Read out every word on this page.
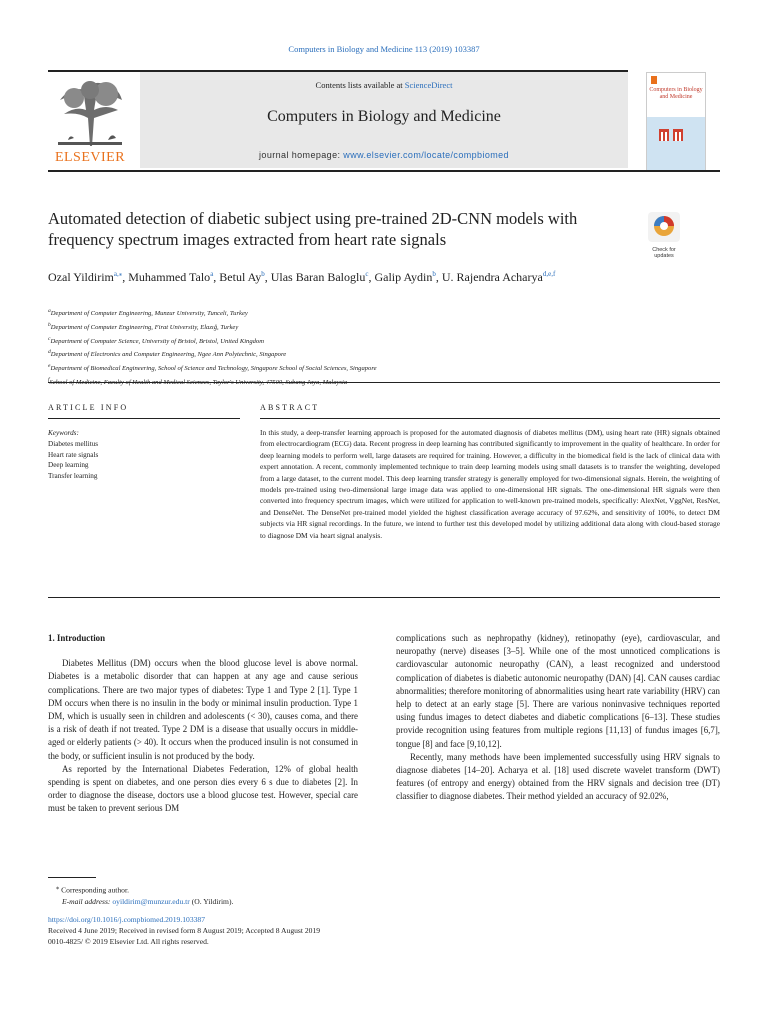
Computers in Biology and Medicine 113 (2019) 103387
ELSEVIER
Contents lists available at ScienceDirect
Computers in Biology and Medicine
journal homepage: www.elsevier.com/locate/compbiomed
Computers in Biology and Medicine
Automated detection of diabetic subject using pre-trained 2D-CNN models with frequency spectrum images extracted from heart rate signals
Check for updates
Ozal Yildirim$^{a,⁎}$, Muhammed Talo$^a$, Betul Ay$^b$, Ulas Baran Baloglu$^c$, Galip Aydin$^b$, U. Rajendra Acharya$^{d,e,f}$
$^a$Department of Computer Engineering, Munzur University, Tunceli, Turkey
$^b$Department of Computer Engineering, Firat University, Elazığ, Turkey
$^c$Department of Computer Science, University of Bristol, Bristol, United Kingdom
$^d$Department of Electronics and Computer Engineering, Ngee Ann Polytechnic, Singapore
$^e$Department of Biomedical Engineering, School of Science and Technology, Singapore School of Social Sciences, Singapore
$^f$School of Medicine, Faculty of Health and Medical Sciences, Taylor's University, 47500, Subang Jaya, Malaysia
ARTICLE INFO	ABSTRACT
Keywords:
Diabetes mellitus
Heart rate signals
Deep learning
Transfer learning
In this study, a deep-transfer learning approach is proposed for the automated diagnosis of diabetes mellitus (DM), using heart rate (HR) signals obtained from electrocardiogram (ECG) data. Recent progress in deep learning has contributed significantly to improvement in the quality of healthcare. In order for deep learning models to perform well, large datasets are required for training. However, a difficulty in the biomedical field is the lack of clinical data with expert annotation. A recent, commonly implemented technique to train deep learning models using small datasets is to transfer the weighting, developed from a large dataset, to the current model. This deep learning transfer strategy is generally employed for two-dimensional signals. Herein, the weighting of models pre-trained using two-dimensional large image data was applied to one-dimensional HR signals. The one-dimensional HR signals were then converted into frequency spectrum images, which were utilized for application to well-known pre-trained models, specifically: AlexNet, VggNet, ResNet, and DenseNet. The DenseNet pre-trained model yielded the highest classification average accuracy of 97.62%, and sensitivity of 100%, to detect DM subjects via HR signal recordings. In the future, we intend to further test this developed model by utilizing additional data along with cloud-based storage to diagnose DM via heart signal analysis.
1. Introduction

Diabetes Mellitus (DM) occurs when the blood glucose level is above normal. Diabetes is a metabolic disorder that can happen at any age and cause serious complications. There are two major types of diabetes: Type 1 and Type 2 [1]. Type 1 DM occurs when there is no insulin in the body or minimal insulin production. Type 1 DM, which is usually seen in children and adolescents (< 30), causes coma, and there is a risk of death if not treated. Type 2 DM is a disease that usually occurs in middle-aged or elderly patients (> 40). It occurs when the produced insulin is not consumed in the body, or sufficient insulin is not produced by the body.

As reported by the International Diabetes Federation, 12% of global health spending is spent on diabetes, and one person dies every 6 s due to diabetes [2]. In order to diagnose the disease, doctors use a blood glucose test. However, special care must be taken to prevent serious DM

complications such as nephropathy (kidney), retinopathy (eye), cardiovascular, and neuropathy (nerve) diseases [3–5]. While one of the most unnoticed complications is cardiovascular autonomic neuropathy (CAN), a least recognized and understood complication of diabetes is diabetic autonomic neuropathy (DAN) [4]. CAN causes cardiac abnormalities; therefore monitoring of abnormalities using heart rate variability (HRV) can help to detect at an early stage [5]. There are various noninvasive techniques reported using fundus images to detect diabetes and diabetic complications [6–13]. These studies provide recognition using features from multiple regions [11,13] of fundus images [6,7], tongue [8] and face [9,10,12].

Recently, many methods have been implemented successfully using HRV signals to diagnose diabetes [14–20]. Acharya et al. [18] used discrete wavelet transform (DWT) features (of entropy and energy) obtained from the HRV signals and decision tree (DT) classifier to diagnose diabetes. Their method yielded an accuracy of 92.02%,

⁎ Corresponding author.
E-mail address: oyildirim@munzur.edu.tr (O. Yildirim).
https://doi.org/10.1016/j.compbiomed.2019.103387
Received 4 June 2019; Received in revised form 8 August 2019; Accepted 8 August 2019
0010-4825/ © 2019 Elsevier Ltd. All rights reserved.
